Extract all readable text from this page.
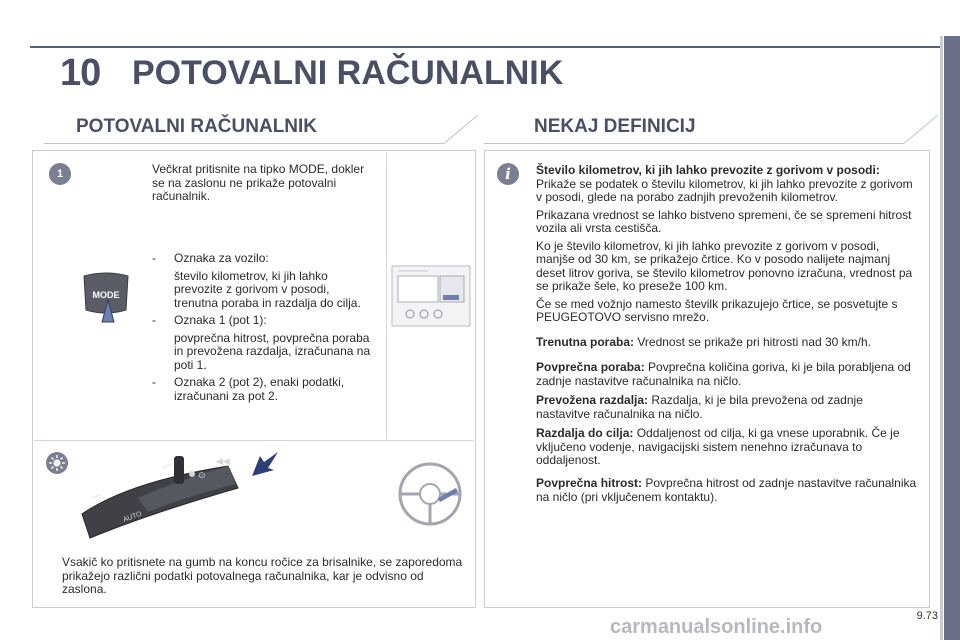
10 POTOVALNI RAČUNALNIK
POTOVALNI RAČUNALNIK	NEKAJ DEFINICIJ
1	Večkrat pritisnite na tipko MODE, dokler se na zaslonu ne prikaže potovalni računalnik.
MODE
-	Oznaka za vozilo:
število kilometrov, ki jih lahko prevozite z gorivom v posodi, trenutna poraba in razdalja do cilja.
-	Oznaka 1 (pot 1):
povprečna hitrost, povprečna poraba in prevožena razdalja, izračunana na poti 1.
-	Oznaka 2 (pot 2), enaki podatki, izračunani za pot 2.
AUTO
⊙
◀◀
Vsakič ko pritisnete na gumb na koncu ročice za brisalnike, se zaporedoma prikažejo različni podatki potovalnega računalnika, kar je odvisno od zaslona.
i	Število kilometrov, ki jih lahko prevozite z gorivom v posodi:

Prikaže se podatek o številu kilometrov, ki jih lahko prevozite z gorivom v posodi, glede na porabo zadnjih prevoženih kilometrov.

Prikazana vrednost se lahko bistveno spremeni, če se spremeni hitrost vozila ali vrsta cestišča.

Ko je število kilometrov, ki jih lahko prevozite z gorivom v posodi, manjše od 30 km, se prikažejo črtice. Ko v posodo nalijete najmanj deset litrov goriva, se število kilometrov ponovno izračuna, vrednost pa se prikaže šele, ko preseže 100 km.

Če se med vožnjo namesto številk prikazujejo črtice, se posvetujte s PEUGEOTOVO servisno mrežo.

Trenutna poraba: Vrednost se prikaže pri hitrosti nad 30 km/h.
Povprečna poraba: Povprečna količina goriva, ki je bila porabljena od zadnje nastavitve računalnika na ničlo.
Prevožena razdalja: Razdalja, ki je bila prevožena od zadnje nastavitve računalnika na ničlo.
Razdalja do cilja: Oddaljenost od cilja, ki ga vnese uporabnik. Če je vključeno vodenje, navigacijski sistem nenehno izračunava to oddaljenost.
Povprečna hitrost: Povprečna hitrost od zadnje nastavitve računalnika na ničlo (pri vključenem kontaktu).
9.73
carmanualsonline.info
